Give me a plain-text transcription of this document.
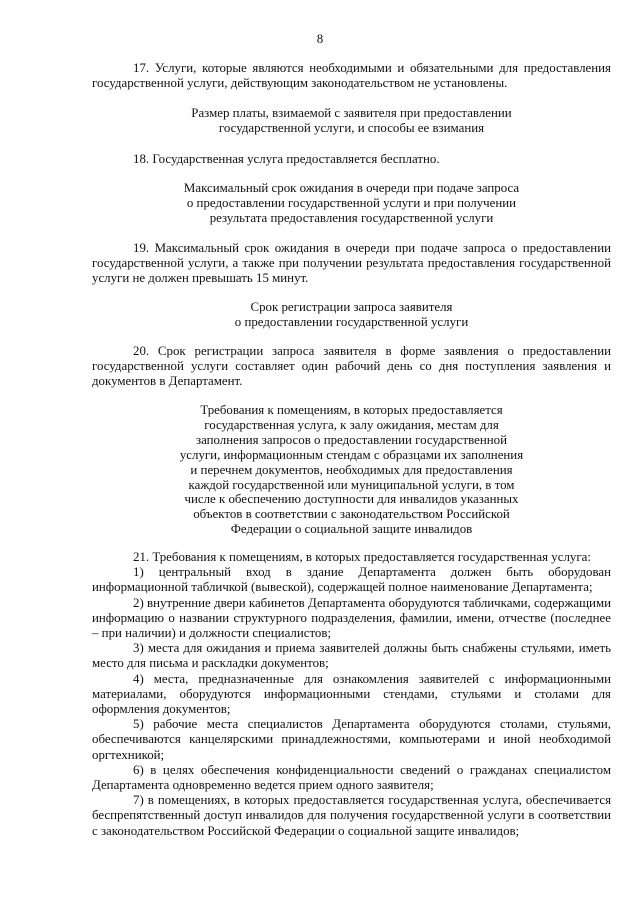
8

17. Услуги, которые являются необходимыми и обязательными для предоставления государственной услуги, действующим законодательством не установлены.

Размер платы, взимаемой с заявителя при предоставлении
государственной услуги, и способы ее взимания

18. Государственная услуга предоставляется бесплатно.

Максимальный срок ожидания в очереди при подаче запроса
о предоставлении государственной услуги и при получении
результата предоставления государственной услуги

19. Максимальный срок ожидания в очереди при подаче запроса о предоставлении государственной услуги, а также при получении результата предоставления государственной услуги не должен превышать 15 минут.

Срок регистрации запроса заявителя
о предоставлении государственной услуги

20. Срок регистрации запроса заявителя в форме заявления о предоставлении государственной услуги составляет один рабочий день со дня поступления заявления и документов в Департамент.

Требования к помещениям, в которых предоставляется
государственная услуга, к залу ожидания, местам для
заполнения запросов о предоставлении государственной
услуги, информационным стендам с образцами их заполнения
и перечнем документов, необходимых для предоставления
каждой государственной или муниципальной услуги, в том
числе к обеспечению доступности для инвалидов указанных
объектов в соответствии с законодательством Российской
Федерации о социальной защите инвалидов

21. Требования к помещениям, в которых предоставляется государственная услуга:

1) центральный вход в здание Департамента должен быть оборудован информационной табличкой (вывеской), содержащей полное наименование Департамента;

2) внутренние двери кабинетов Департамента оборудуются табличками, содержащими информацию о названии структурного подразделения, фамилии, имени, отчестве (последнее – при наличии) и должности специалистов;

3) места для ожидания и приема заявителей должны быть снабжены стульями, иметь место для письма и раскладки документов;

4) места, предназначенные для ознакомления заявителей с информационными материалами, оборудуются информационными стендами, стульями и столами для оформления документов;

5) рабочие места специалистов Департамента оборудуются столами, стульями, обеспечиваются канцелярскими принадлежностями, компьютерами и иной необходимой оргтехникой;

6) в целях обеспечения конфиденциальности сведений о гражданах специалистом Департамента одновременно ведется прием одного заявителя;

7) в помещениях, в которых предоставляется государственная услуга, обеспечивается беспрепятственный доступ инвалидов для получения государственной услуги в соответствии с законодательством Российской Федерации о социальной защите инвалидов;
